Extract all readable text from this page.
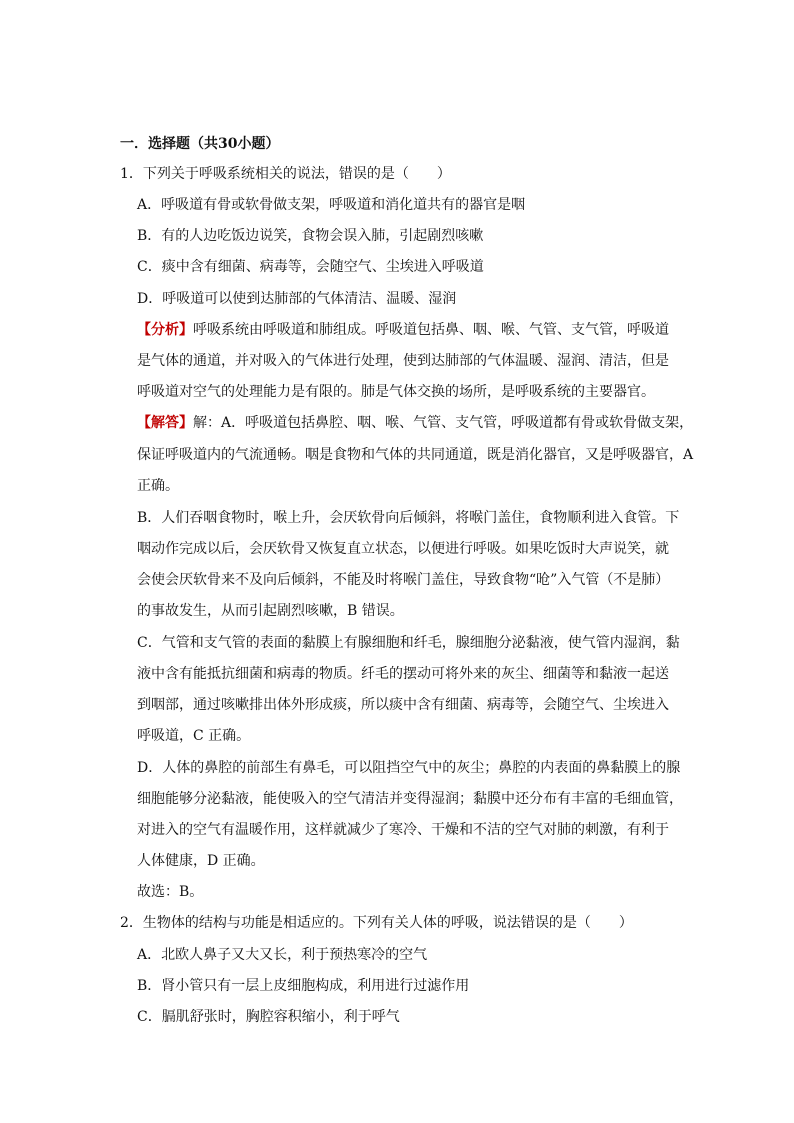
一．选择题（共30小题）
1．下列关于呼吸系统相关的说法，错误的是（　　）
A．呼吸道有骨或软骨做支架，呼吸道和消化道共有的器官是咽
B．有的人边吃饭边说笑，食物会误入肺，引起剧烈咳嗽
C．痰中含有细菌、病毒等，会随空气、尘埃进入呼吸道
D．呼吸道可以使到达肺部的气体清洁、温暖、湿润
【分析】呼吸系统由呼吸道和肺组成。呼吸道包括鼻、咽、喉、气管、支气管，呼吸道
是气体的通道，并对吸入的气体进行处理，使到达肺部的气体温暖、湿润、清洁，但是
呼吸道对空气的处理能力是有限的。肺是气体交换的场所，是呼吸系统的主要器官。
【解答】解：A．呼吸道包括鼻腔、咽、喉、气管、支气管，呼吸道都有骨或软骨做支架，
保证呼吸道内的气流通畅。咽是食物和气体的共同通道，既是消化器官，又是呼吸器官，A
正确。
B．人们吞咽食物时，喉上升，会厌软骨向后倾斜，将喉门盖住，食物顺利进入食管。下
咽动作完成以后，会厌软骨又恢复直立状态，以便进行呼吸。如果吃饭时大声说笑，就
会使会厌软骨来不及向后倾斜，不能及时将喉门盖住，导致食物“呛”入气管（不是肺）
的事故发生，从而引起剧烈咳嗽，B 错误。
C．气管和支气管的表面的黏膜上有腺细胞和纤毛，腺细胞分泌黏液，使气管内湿润，黏
液中含有能抵抗细菌和病毒的物质。纤毛的摆动可将外来的灰尘、细菌等和黏液一起送
到咽部，通过咳嗽排出体外形成痰，所以痰中含有细菌、病毒等，会随空气、尘埃进入
呼吸道，C 正确。
D．人体的鼻腔的前部生有鼻毛，可以阻挡空气中的灰尘；鼻腔的内表面的鼻黏膜上的腺
细胞能够分泌黏液，能使吸入的空气清洁并变得湿润；黏膜中还分布有丰富的毛细血管，
对进入的空气有温暖作用，这样就减少了寒冷、干燥和不洁的空气对肺的刺激，有利于
人体健康，D 正确。
故选：B。
2．生物体的结构与功能是相适应的。下列有关人体的呼吸，说法错误的是（　　）
A．北欧人鼻子又大又长，利于预热寒冷的空气
B．肾小管只有一层上皮细胞构成，利用进行过滤作用
C．膈肌舒张时，胸腔容积缩小，利于呼气
